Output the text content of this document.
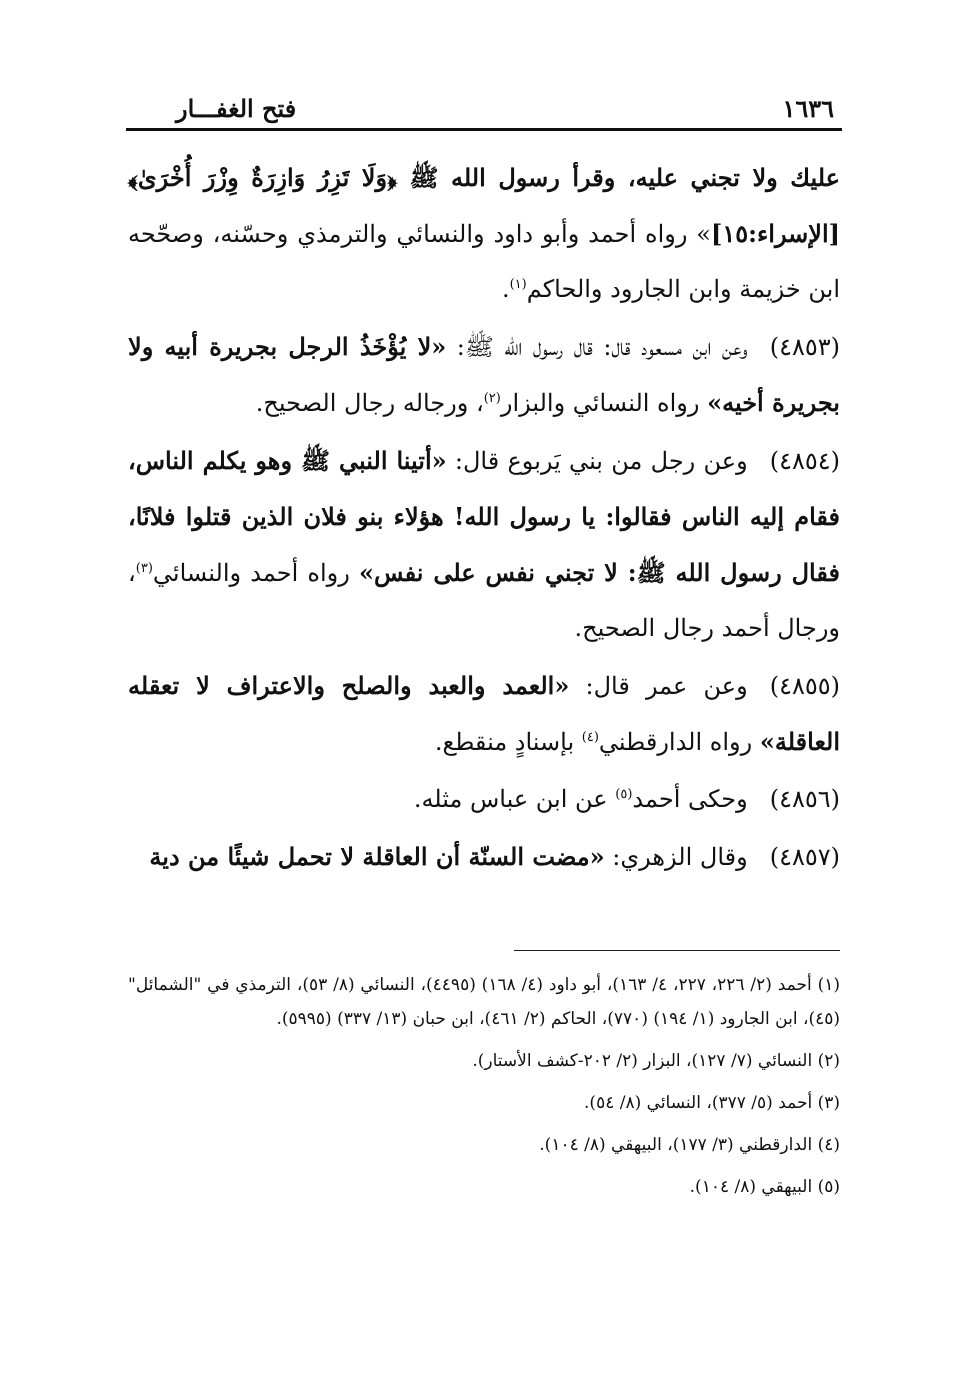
١٦٣٦
فتح الغفـــار

عليك ولا تجني عليه، وقرأ رسول الله ﷺ ﴿وَلَا تَزِرُ وَازِرَةٌ وِزْرَ أُخْرَىٰ﴾ [الإسراء:١٥]» رواه أحمد وأبو داود والنسائي والترمذي وحسّنه، وصحّحه ابن خزيمة وابن الجارود والحاكم$^{(١)}$.

(٤٨٥٣)وعن ابن مسعود قال: قال رسول الله ﷺ: «لا يُؤْخَذُ الرجل بجريرة أبيه ولا بجريرة أخيه» رواه النسائي والبزار$^{(٢)}$، ورجاله رجال الصحيح.

(٤٨٥٤)وعن رجل من بني يَربوع قال: «أتينا النبي ﷺ وهو يكلم الناس، فقام إليه الناس فقالوا: يا رسول الله! هؤلاء بنو فلان الذين قتلوا فلانًا، فقال رسول الله ﷺ: لا تجني نفس على نفس» رواه أحمد والنسائي$^{(٣)}$، ورجال أحمد رجال الصحيح.

(٤٨٥٥)وعن عمر قال: «العمد والعبد والصلح والاعتراف لا تعقله العاقلة» رواه الدارقطني$^{(٤)}$ بإسنادٍ منقطع.

(٤٨٥٦)وحكى أحمد$^{(٥)}$ عن ابن عباس مثله.

(٤٨٥٧)وقال الزهري: «مضت السنّة أن العاقلة لا تحمل شيئًا من دية

(١) أحمد (٢/ ٢٢٦، ٢٢٧، ٤/ ١٦٣)، أبو داود (٤/ ١٦٨) (٤٤٩٥)، النسائي (٨/ ٥٣)، الترمذي في "الشمائل" (٤٥)، ابن الجارود (١/ ١٩٤) (٧٧٠)، الحاكم (٢/ ٤٦١)، ابن حبان (١٣/ ٣٣٧) (٥٩٩٥).

(٢) النسائي (٧/ ١٢٧)، البزار (٢/ ٢٠٢-كشف الأستار).

(٣) أحمد (٥/ ٣٧٧)، النسائي (٨/ ٥٤).

(٤) الدارقطني (٣/ ١٧٧)، البيهقي (٨/ ١٠٤).

(٥) البيهقي (٨/ ١٠٤).
